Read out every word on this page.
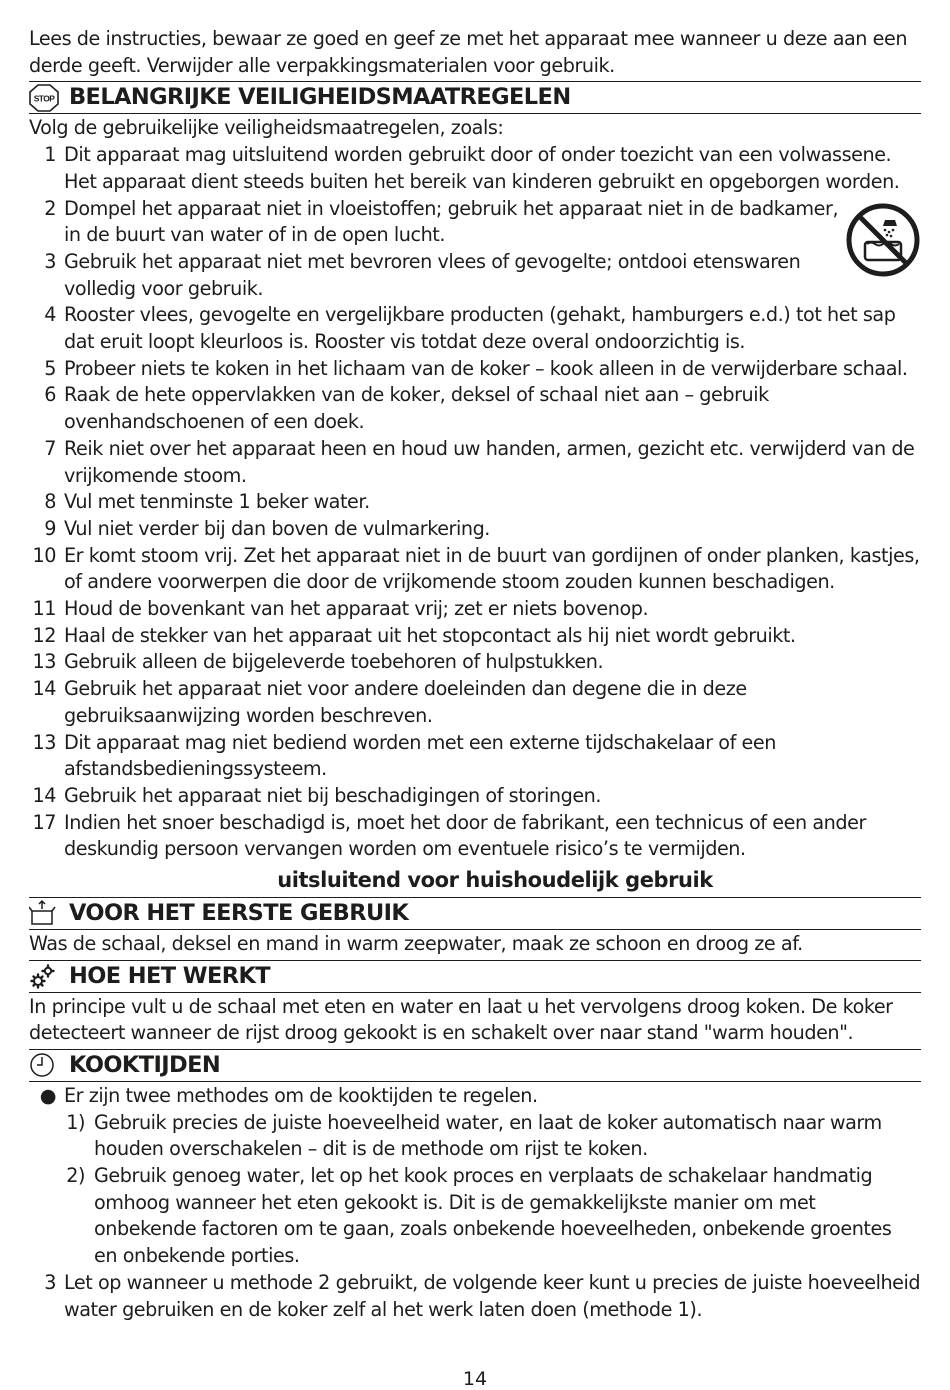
Lees de instructies, bewaar ze goed en geef ze met het apparaat mee wanneer u deze aan een derde geeft. Verwijder alle verpakkingsmaterialen voor gebruik.

STOP BELANGRIJKE VEILIGHEIDSMAATREGELEN

Volg de gebruikelijke veiligheidsmaatregelen, zoals:

1 Dit apparaat mag uitsluitend worden gebruikt door of onder toezicht van een volwassene. Het apparaat dient steeds buiten het bereik van kinderen gebruikt en opgeborgen worden.
2 Dompel het apparaat niet in vloeistoffen; gebruik het apparaat niet in de badkamer, in de buurt van water of in de open lucht.
3 Gebruik het apparaat niet met bevroren vlees of gevogelte; ontdooi etenswaren volledig voor gebruik.
4 Rooster vlees, gevogelte en vergelijkbare producten (gehakt, hamburgers e.d.) tot het sap dat eruit loopt kleurloos is. Rooster vis totdat deze overal ondoorzichtig is.
5 Probeer niets te koken in het lichaam van de koker – kook alleen in de verwijderbare schaal.
6 Raak de hete oppervlakken van de koker, deksel of schaal niet aan – gebruik ovenhandschoenen of een doek.
7 Reik niet over het apparaat heen en houd uw handen, armen, gezicht etc. verwijderd van de vrijkomende stoom.
8 Vul met tenminste 1 beker water.
9 Vul niet verder bij dan boven de vulmarkering.
10 Er komt stoom vrij. Zet het apparaat niet in de buurt van gordijnen of onder planken, kastjes, of andere voorwerpen die door de vrijkomende stoom zouden kunnen beschadigen.
11 Houd de bovenkant van het apparaat vrij; zet er niets bovenop.
12 Haal de stekker van het apparaat uit het stopcontact als hij niet wordt gebruikt.
13 Gebruik alleen de bijgeleverde toebehoren of hulpstukken.
14 Gebruik het apparaat niet voor andere doeleinden dan degene die in deze gebruiksaanwijzing worden beschreven.
13 Dit apparaat mag niet bediend worden met een externe tijdschakelaar of een afstandsbedieningssysteem.
14 Gebruik het apparaat niet bij beschadigingen of storingen.
17 Indien het snoer beschadigd is, moet het door de fabrikant, een technicus of een ander deskundig persoon vervangen worden om eventuele risico’s te vermijden.

uitsluitend voor huishoudelijk gebruik

VOOR HET EERSTE GEBRUIK

Was de schaal, deksel en mand in warm zeepwater, maak ze schoon en droog ze af.

HOE HET WERKT

In principe vult u de schaal met eten en water en laat u het vervolgens droog koken. De koker detecteert wanneer de rijst droog gekookt is en schakelt over naar stand "warm houden".

KOOKTIJDEN
● Er zijn twee methodes om de kooktijden te regelen.
1) Gebruik precies de juiste hoeveelheid water, en laat de koker automatisch naar warm houden overschakelen – dit is de methode om rijst te koken.
2) Gebruik genoeg water, let op het kook proces en verplaats de schakelaar handmatig omhoog wanneer het eten gekookt is. Dit is de gemakkelijkste manier om met onbekende factoren om te gaan, zoals onbekende hoeveelheden, onbekende groentes en onbekende porties.
3 Let op wanneer u methode 2 gebruikt, de volgende keer kunt u precies de juiste hoeveelheid water gebruiken en de koker zelf al het werk laten doen (methode 1).
14
